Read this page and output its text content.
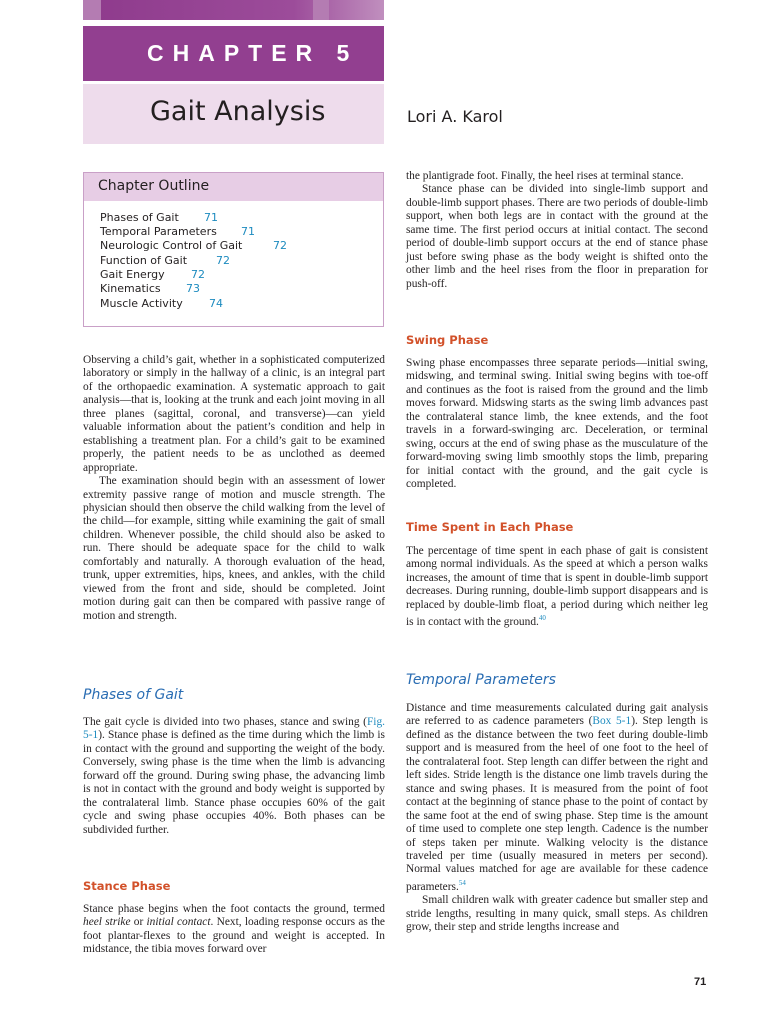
CHAPTER 5
Gait Analysis	Lori A. Karol
Chapter Outline
Phases of Gait 71
Temporal Parameters 71
Neurologic Control of Gait	72
Function of Gait	72
Gait Energy 72
Kinematics 73
Muscle Activity 74

Observing a child’s gait, whether in a sophisticated computerized laboratory or simply in the hallway of a clinic, is an integral part of the orthopaedic examination. A systematic approach to gait analysis—that is, looking at the trunk and each joint moving in all three planes (sagittal, coronal, and transverse)—can yield valuable information about the patient’s condition and help in establishing a treatment plan. For a child’s gait to be examined properly, the patient needs to be as unclothed as deemed appropriate.

The examination should begin with an assessment of lower extremity passive range of motion and muscle strength. The physician should then observe the child walking from the level of the child—for example, sitting while examining the gait of small children. Whenever possible, the child should also be asked to run. There should be adequate space for the child to walk comfortably and naturally. A thorough evaluation of the head, trunk, upper extremities, hips, knees, and ankles, with the child viewed from the front and side, should be completed. Joint motion during gait can then be compared with passive range of motion and strength.

Phases of Gait

The gait cycle is divided into two phases, stance and swing (Fig. 5-1). Stance phase is defined as the time during which the limb is in contact with the ground and supporting the weight of the body. Conversely, swing phase is the time when the limb is advancing forward off the ground. During swing phase, the advancing limb is not in contact with the ground and body weight is supported by the contralateral limb. Stance phase occupies 60% of the gait cycle and swing phase occupies 40%. Both phases can be subdivided further.

Stance Phase

Stance phase begins when the foot contacts the ground, termed heel strike or initial contact. Next, loading response occurs as the foot plantar-flexes to the ground and weight is accepted. In midstance, the tibia moves forward over

the plantigrade foot. Finally, the heel rises at terminal stance.

Stance phase can be divided into single-limb support and double-limb support phases. There are two periods of double-limb support, when both legs are in contact with the ground at the same time. The first period occurs at initial contact. The second period of double-limb support occurs at the end of stance phase just before swing phase as the body weight is shifted onto the other limb and the heel rises from the floor in preparation for push-off.

Swing Phase

Swing phase encompasses three separate periods—initial swing, midswing, and terminal swing. Initial swing begins with toe-off and continues as the foot is raised from the ground and the limb moves forward. Midswing starts as the swing limb advances past the contralateral stance limb, the knee extends, and the foot travels in a forward-swinging arc. Deceleration, or terminal swing, occurs at the end of swing phase as the musculature of the forward-moving swing limb smoothly stops the limb, preparing for initial contact with the ground, and the gait cycle is completed.

Time Spent in Each Phase

The percentage of time spent in each phase of gait is consistent among normal individuals. As the speed at which a person walks increases, the amount of time that is spent in double-limb support decreases. During running, double-limb support disappears and is replaced by double-limb float, a period during which neither leg is in contact with the ground.$^{40}$

Temporal Parameters

Distance and time measurements calculated during gait analysis are referred to as cadence parameters (Box 5-1). Step length is defined as the distance between the two feet during double-limb support and is measured from the heel of one foot to the heel of the contralateral foot. Step length can differ between the right and left sides. Stride length is the distance one limb travels during the stance and swing phases. It is measured from the point of foot contact at the beginning of stance phase to the point of contact by the same foot at the end of swing phase. Step time is the amount of time used to complete one step length. Cadence is the number of steps taken per minute. Walking velocity is the distance traveled per time (usually measured in meters per second). Normal values matched for age are available for these cadence parameters.$^{54}$

Small children walk with greater cadence but smaller step and stride lengths, resulting in many quick, small steps. As children grow, their step and stride lengths increase and

71
